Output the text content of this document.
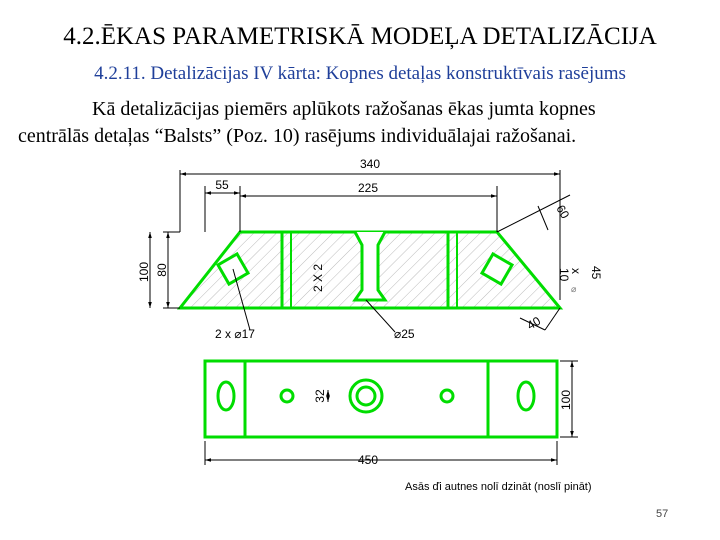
4.2.ĒKAS PARAMETRISKĀ MODEĻA DETALIZĀCIJA
4.2.11. Detalizācijas IV kārta: Kopnes detaļas konstruktīvais rasējums
Kā detalizācijas piemērs aplūkots ražošanas ēkas jumta kopnes
centrālās detaļas “Balsts” (Poz. 10) rasējums individuālajai ražošanai.
340
55	225
60
100 80	2 X 2	10
x 45
⌀
40
2 x ⌀17	⌀25
32	100
450
Asās ďi autnes nolī dzināt (noslī pināt)
57
